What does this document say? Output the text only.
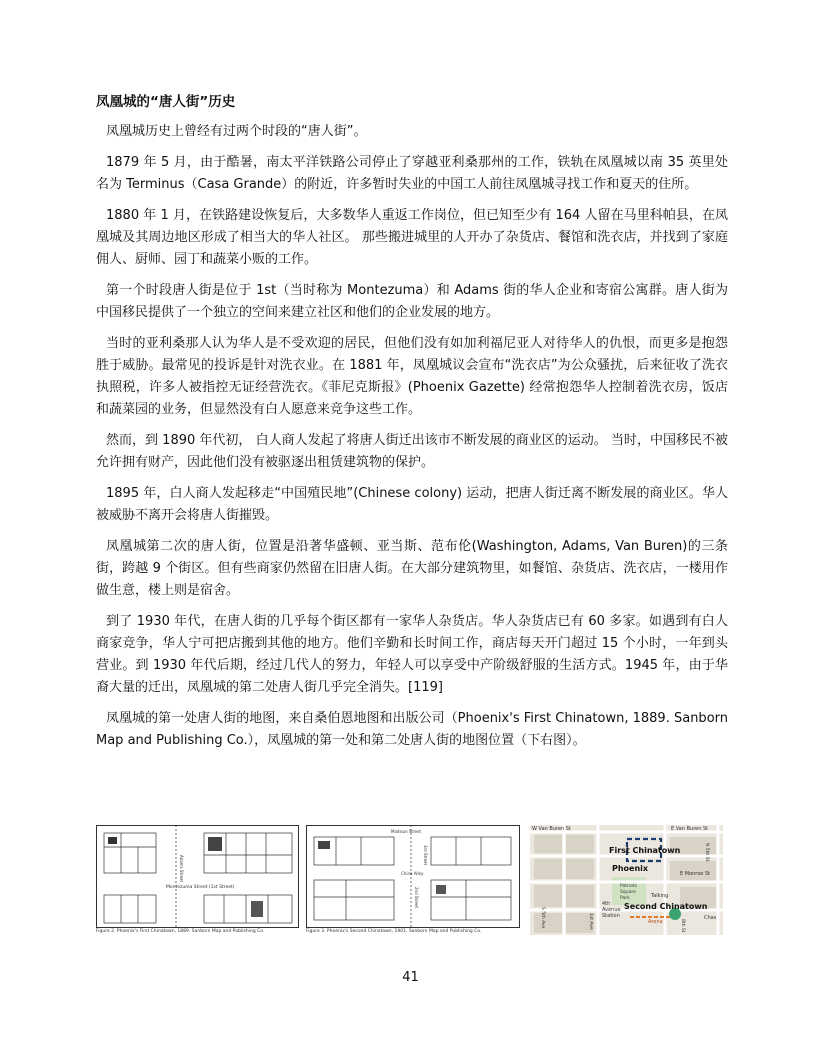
凤凰城的“唐人街”历史

凤凰城历史上曾经有过两个时段的“唐人街”。

1879 年 5 月，由于酷暑，南太平洋铁路公司停止了穿越亚利桑那州的工作，铁轨在凤凰城以南 35 英里处名为 Terminus（Casa Grande）的附近，许多暂时失业的中国工人前往凤凰城寻找工作和夏天的住所。

1880 年 1 月，在铁路建设恢复后，大多数华人重返工作岗位，但已知至少有 164 人留在马里科帕县，在凤凰城及其周边地区形成了相当大的华人社区。 那些搬进城里的人开办了杂货店、餐馆和洗衣店，并找到了家庭佣人、厨师、园丁和蔬菜小贩的工作。

第一个时段唐人街是位于 1st（当时称为 Montezuma）和 Adams 街的华人企业和寄宿公寓群。唐人街为中国移民提供了一个独立的空间来建立社区和他们的企业发展的地方。

当时的亚利桑那人认为华人是不受欢迎的居民，但他们没有如加利福尼亚人对待华人的仇恨，而更多是抱怨胜于威胁。最常见的投诉是针对洗衣业。在 1881 年，凤凰城议会宣布“洗衣店”为公众骚扰，后来征收了洗衣执照税，许多人被指控无证经营洗衣。《菲尼克斯报》(Phoenix Gazette) 经常抱怨华人控制着洗衣房，饭店和蔬菜园的业务，但显然没有白人愿意来竞争这些工作。

然而，到 1890 年代初， 白人商人发起了将唐人街迁出该市不断发展的商业区的运动。 当时，中国移民不被允许拥有财产，因此他们没有被驱逐出租赁建筑物的保护。

1895 年，白人商人发起移走“中国殖民地”(Chinese colony) 运动，把唐人街迁离不断发展的商业区。华人被威胁不离开会将唐人街摧毁。

凤凰城第二次的唐人街，位置是沿著华盛顿、亚当斯、范布伦(Washington, Adams, Van Buren)的三条街，跨越 9 个街区。但有些商家仍然留在旧唐人街。在大部分建筑物里，如餐馆、杂货店、洗衣店，一楼用作做生意，楼上则是宿舍。

到了 1930 年代，在唐人街的几乎每个街区都有一家华人杂货店。华人杂货店已有 60 多家。如遇到有白人商家竞争，华人宁可把店搬到其他的地方。他们辛勤和长时间工作，商店每天开门超过 15 个小时，一年到头营业。到 1930 年代后期，经过几代人的努力，年轻人可以享受中产阶级舒服的生活方式。1945 年，由于华裔大量的迁出，凤凰城的第二处唐人街几乎完全消失。[119]

凤凰城的第一处唐人街的地图，来自桑伯恩地图和出版公司（Phoenix's First Chinatown, 1889. Sanborn Map and Publishing Co.），凤凰城的第一处和第二处唐人街的地图位置（下右图）。

Adams Street
Montezuma Street (1st Street)
Figure 2. Phoenix's First Chinatown, 1889. Sanborn Map and Publishing Co.
Madison Street
China Alley
2nd Street
3rd Street
Figure 3. Phoenix's Second Chinatown, 1901. Sanborn Map and Publishing Co.
W Van Buren St	E Van Buren St
Phoenix
E Monroe St
N 5th St
Patriots
Square
Park	Talking
4th
Avenue
Station
Arena
Chas
S 5th Ave	1st Ave	8th St
First Chinatown
Second Chinatown
41
